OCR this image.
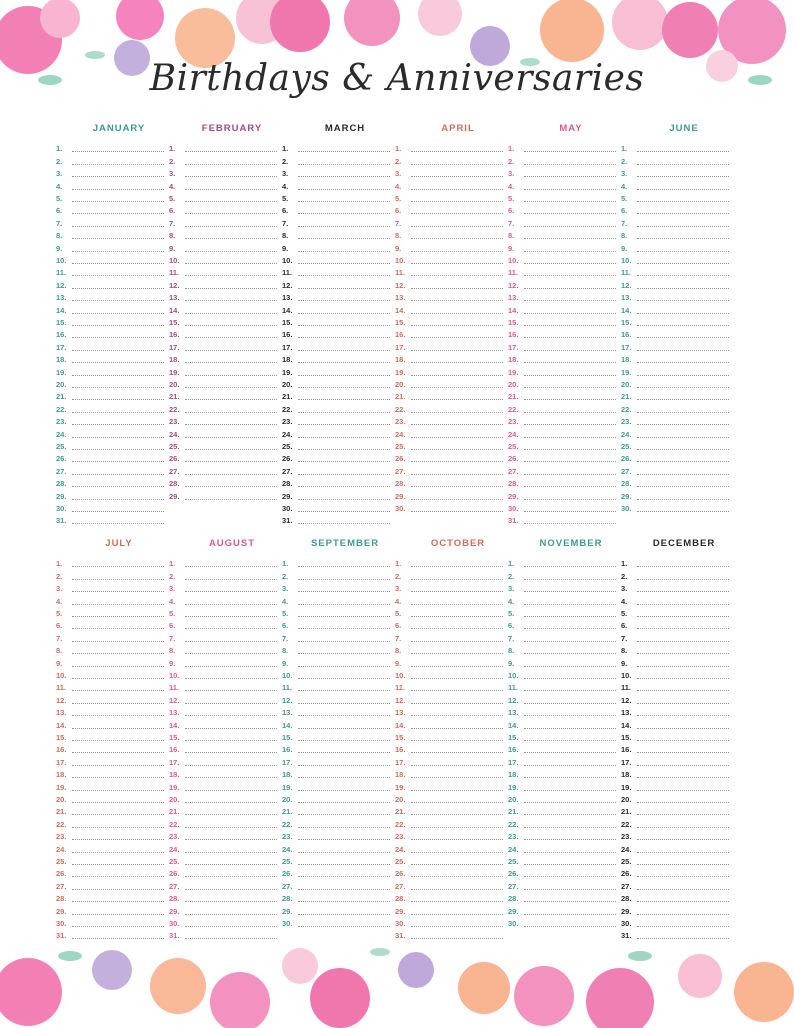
Birthdays & Anniversaries
JANUARY
1.
2.
3.
4.
5.
6.
7.
8.
9.
10.
11.
12.
13.
14.
15.
16.
17.
18.
19.
20.
21.
22.
23.
24.
25.
26.
27.
28.
29.
30.
31.
FEBRUARY
1.
2.
3.
4.
5.
6.
7.
8.
9.
10.
11.
12.
13.
14.
15.
16.
17.
18.
19.
20.
21.
22.
23.
24.
25.
26.
27.
28.
29.
MARCH
1.
2.
3.
4.
5.
6.
7.
8.
9.
10.
11.
12.
13.
14.
15.
16.
17.
18.
19.
20.
21.
22.
23.
24.
25.
26.
27.
28.
29.
30.
31.
APRIL
1.
2.
3.
4.
5.
6.
7.
8.
9.
10.
11.
12.
13.
14.
15.
16.
17.
18.
19.
20.
21.
22.
23.
24.
25.
26.
27.
28.
29.
30.
MAY
1.
2.
3.
4.
5.
6.
7.
8.
9.
10.
11.
12.
13.
14.
15.
16.
17.
18.
19.
20.
21.
22.
23.
24.
25.
26.
27.
28.
29.
30.
31.
JUNE
1.
2.
3.
4.
5.
6.
7.
8.
9.
10.
11.
12.
13.
14.
15.
16.
17.
18.
19.
20.
21.
22.
23.
24.
25.
26.
27.
28.
29.
30.
JULY
1.
2.
3.
4.
5.
6.
7.
8.
9.
10.
11.
12.
13.
14.
15.
16.
17.
18.
19.
20.
21.
22.
23.
24.
25.
26.
27.
28.
29.
30.
31.
AUGUST
1.
2.
3.
4.
5.
6.
7.
8.
9.
10.
11.
12.
13.
14.
15.
16.
17.
18.
19.
20.
21.
22.
23.
24.
25.
26.
27.
28.
29.
30.
31.
SEPTEMBER
1.
2.
3.
4.
5.
6.
7.
8.
9.
10.
11.
12.
13.
14.
15.
16.
17.
18.
19.
20.
21.
22.
23.
24.
25.
26.
27.
28.
29.
30.
OCTOBER
1.
2.
3.
4.
5.
6.
7.
8.
9.
10.
11.
12.
13.
14.
15.
16.
17.
18.
19.
20.
21.
22.
23.
24.
25.
26.
27.
28.
29.
30.
31.
NOVEMBER
1.
2.
3.
4.
5.
6.
7.
8.
9.
10.
11.
12.
13.
14.
15.
16.
17.
18.
19.
20.
21.
22.
23.
24.
25.
26.
27.
28.
29.
30.
DECEMBER
1.
2.
3.
4.
5.
6.
7.
8.
9.
10.
11.
12.
13.
14.
15.
16.
17.
18.
19.
20.
21.
22.
23.
24.
25.
26.
27.
28.
29.
30.
31.
